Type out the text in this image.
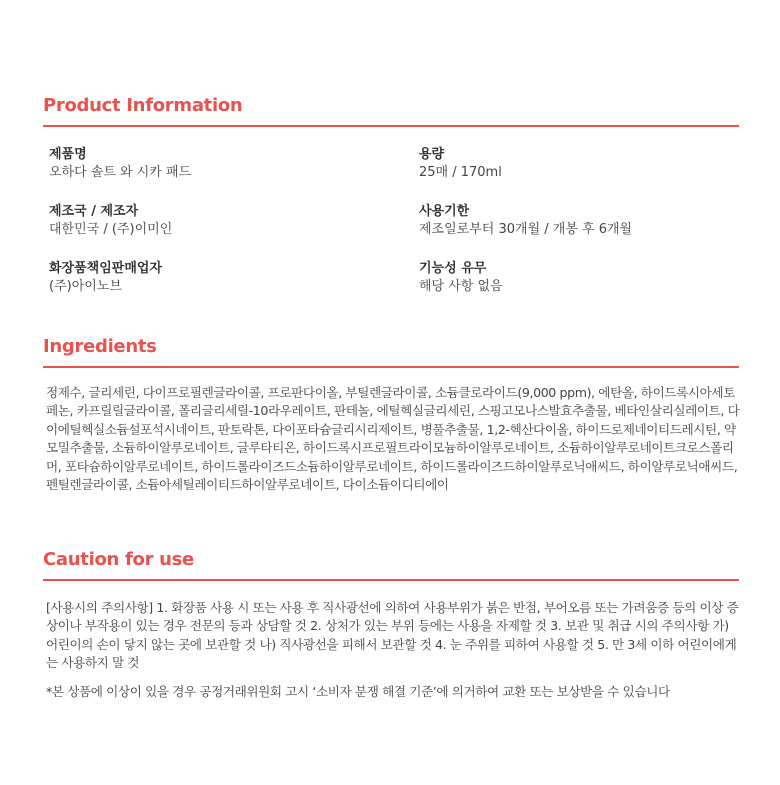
Product Information
제품명
오하다 솔트 와 시카 패드
용량
25매 / 170ml
제조국 / 제조자
대한민국 / (주)이미인
사용기한
제조일로부터 30개월 / 개봉 후 6개월
화장품책임판매업자
(주)아이노브
기능성 유무
해당 사항 없음
Ingredients
정제수, 글리세린, 다이프로필렌글라이콜, 프로판다이올, 부틸렌글라이콜, 소듐클로라이드(9,000 ppm), 에탄올, 하이드록시아세토페논, 카프릴릴글라이콜, 폴리글리세릴-10라우레이트, 판테놀, 에틸헥실글리세린, 스핑고모나스발효추출물, 베타인살리실레이트, 다이에틸헥실소듐설포석시네이트, 판토락톤, 다이포타슘글리시리제이트, 병풀추출물, 1,2-헥산다이올, 하이드로제네이티드레시틴, 약모밀추출물, 소듐하이알루로네이트, 글루타티온, 하이드록시프로필트라이모늄하이알루로네이트, 소듐하이알루로네이트크로스폴리머, 포타슘하이알루로네이트, 하이드롤라이즈드소듐하이알루로네이트, 하이드롤라이즈드하이알루로닉애씨드, 하이알루로닉애씨드, 펜틸렌글라이콜, 소듐아세틸레이티드하이알루로네이트, 다이소듐이디티에이
Caution for use
[사용시의 주의사항] 1. 화장품 사용 시 또는 사용 후 직사광선에 의하여 사용부위가 붉은 반점, 부어오름 또는 가려움증 등의 이상 증상이나 부작용이 있는 경우 전문의 등과 상담할 것 2. 상처가 있는 부위 등에는 사용을 자제할 것 3. 보관 및 취급 시의 주의사항 가) 어린이의 손이 닿지 않는 곳에 보관할 것 나) 직사광선을 피해서 보관할 것 4. 눈 주위를 피하여 사용할 것 5. 만 3세 이하 어린이에게는 사용하지 말 것
*본 상품에 이상이 있을 경우 공정거래위원회 고시 ‘소비자 분쟁 해결 기준’에 의거하여 교환 또는 보상받을 수 있습니다
